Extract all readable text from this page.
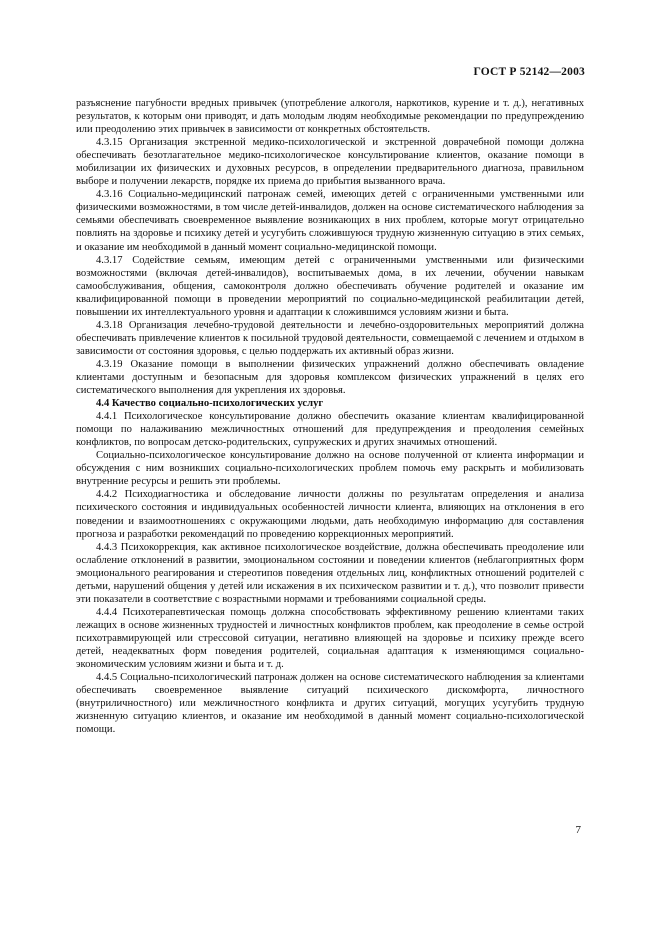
ГОСТ Р 52142—2003

разъяснение пагубности вредных привычек (употребление алкоголя, наркотиков, курение и т. д.), негативных результатов, к которым они приводят, и дать молодым людям необходимые рекомендации по предупреждению или преодолению этих привычек в зависимости от конкретных обстоятельств.

4.3.15 Организация экстренной медико-психологической и экстренной доврачебной помощи должна обеспечивать безотлагательное медико-психологическое консультирование клиентов, оказание помощи в мобилизации их физических и духовных ресурсов, в определении предварительного диагноза, правильном выборе и получении лекарств, порядке их приема до прибытия вызванного врача.

4.3.16 Социально-медицинский патронаж семей, имеющих детей с ограниченными умственными или физическими возможностями, в том числе детей-инвалидов, должен на основе систематического наблюдения за семьями обеспечивать своевременное выявление возникающих в них проблем, которые могут отрицательно повлиять на здоровье и психику детей и усугубить сложившуюся трудную жизненную ситуацию в этих семьях, и оказание им необходимой в данный момент социально-медицинской помощи.

4.3.17 Содействие семьям, имеющим детей с ограниченными умственными или физическими возможностями (включая детей-инвалидов), воспитываемых дома, в их лечении, обучении навыкам самообслуживания, общения, самоконтроля должно обеспечивать обучение родителей и оказание им квалифицированной помощи в проведении мероприятий по социально-медицинской реабилитации детей, повышении их интеллектуального уровня и адаптации к сложившимся условиям жизни и быта.

4.3.18 Организация лечебно-трудовой деятельности и лечебно-оздоровительных мероприятий должна обеспечивать привлечение клиентов к посильной трудовой деятельности, совмещаемой с лечением и отдыхом в зависимости от состояния здоровья, с целью поддержать их активный образ жизни.

4.3.19 Оказание помощи в выполнении физических упражнений должно обеспечивать овладение клиентами доступным и безопасным для здоровья комплексом физических упражнений в целях его систематического выполнения для укрепления их здоровья.

4.4 Качество социально-психологических услуг

4.4.1 Психологическое консультирование должно обеспечить оказание клиентам квалифицированной помощи по налаживанию межличностных отношений для предупреждения и преодоления семейных конфликтов, по вопросам детско-родительских, супружеских и других значимых отношений.

Социально-психологическое консультирование должно на основе полученной от клиента информации и обсуждения с ним возникших социально-психологических проблем помочь ему раскрыть и мобилизовать внутренние ресурсы и решить эти проблемы.

4.4.2 Психодиагностика и обследование личности должны по результатам определения и анализа психического состояния и индивидуальных особенностей личности клиента, влияющих на отклонения в его поведении и взаимоотношениях с окружающими людьми, дать необходимую информацию для составления прогноза и разработки рекомендаций по проведению коррекционных мероприятий.

4.4.3 Психокоррекция, как активное психологическое воздействие, должна обеспечивать преодоление или ослабление отклонений в развитии, эмоциональном состоянии и поведении клиентов (неблагоприятных форм эмоционального реагирования и стереотипов поведения отдельных лиц, конфликтных отношений родителей с детьми, нарушений общения у детей или искажения в их психическом развитии и т. д.), что позволит привести эти показатели в соответствие с возрастными нормами и требованиями социальной среды.

4.4.4 Психотерапевтическая помощь должна способствовать эффективному решению клиентами таких лежащих в основе жизненных трудностей и личностных конфликтов проблем, как преодоление в семье острой психотравмирующей или стрессовой ситуации, негативно влияющей на здоровье и психику прежде всего детей, неадекватных форм поведения родителей, социальная адаптация к изменяющимся социально-экономическим условиям жизни и быта и т. д.

4.4.5 Социально-психологический патронаж должен на основе систематического наблюдения за клиентами обеспечивать своевременное выявление ситуаций психического дискомфорта, личностного (внутриличностного) или межличностного конфликта и других ситуаций, могущих усугубить трудную жизненную ситуацию клиентов, и оказание им необходимой в данный момент социально-психологической помощи.

7
